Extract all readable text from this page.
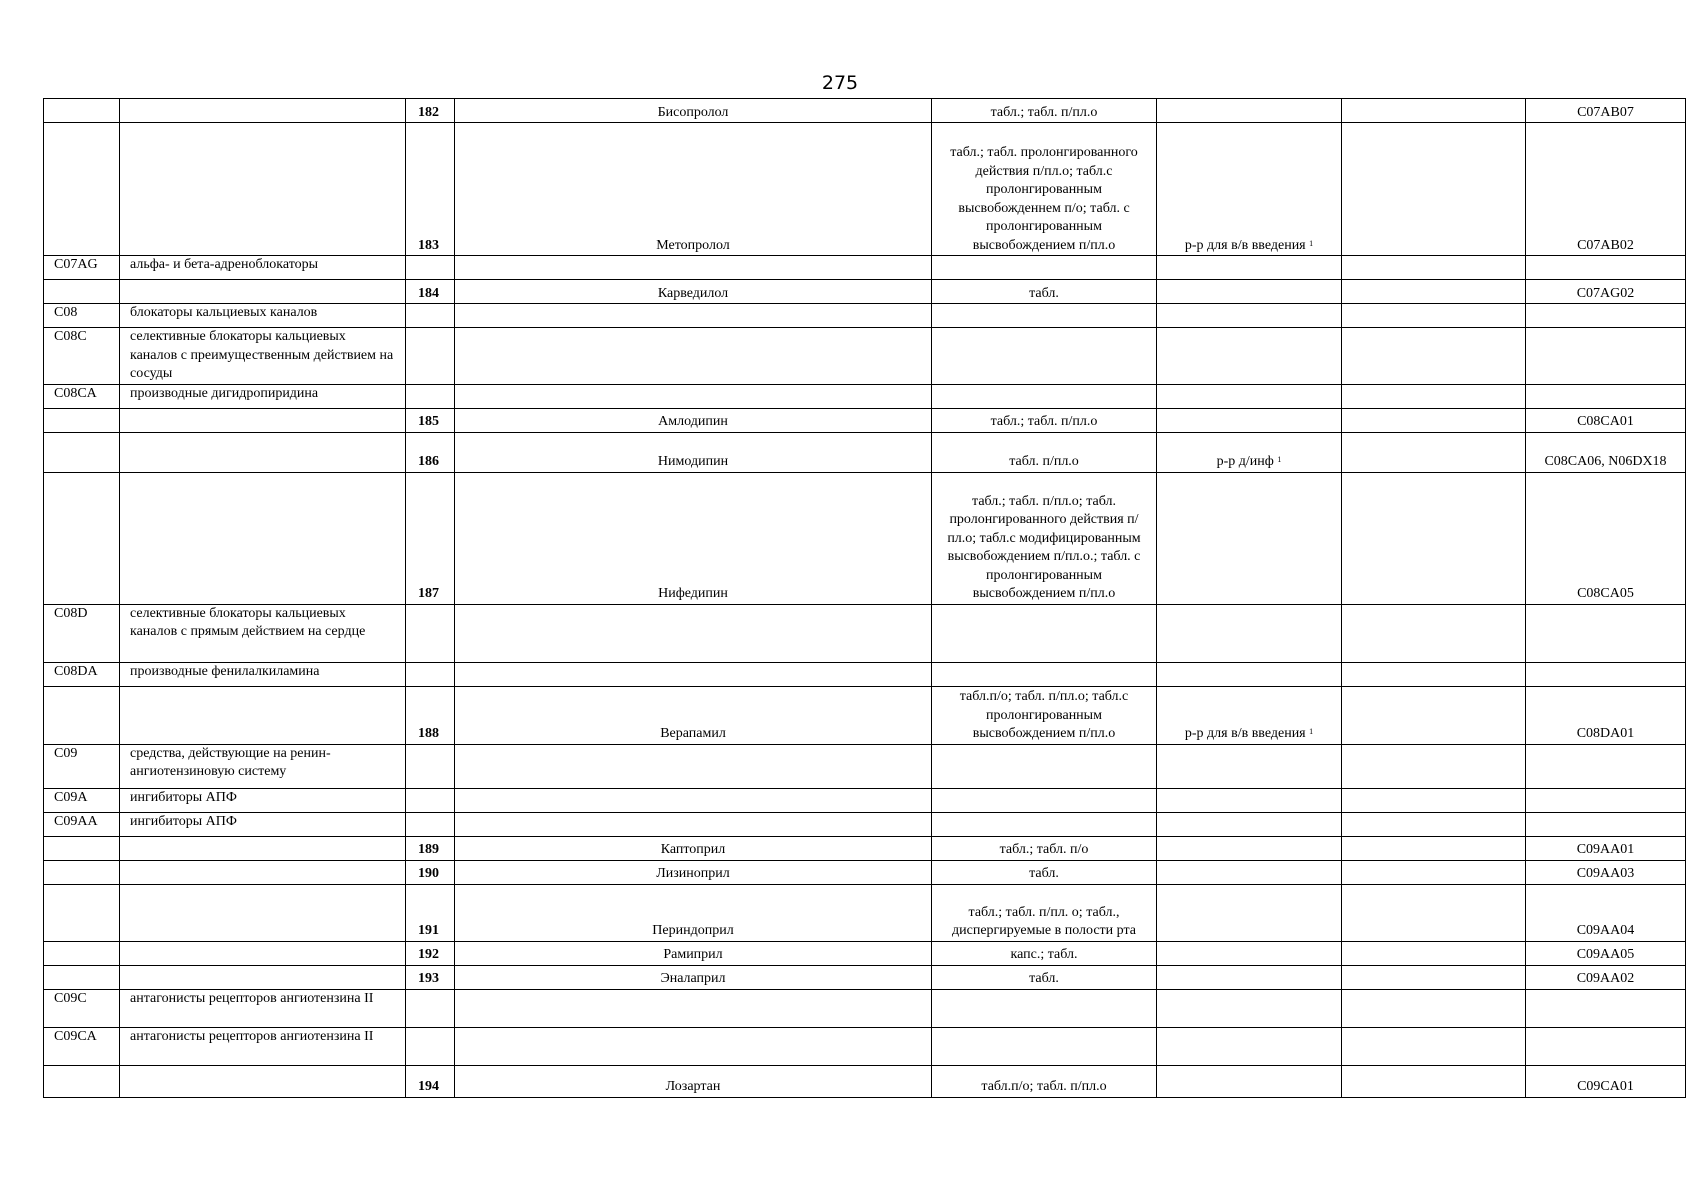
275
		182	Бисопролол	табл.; табл. п/пл.о			C07AB07
		183	Метопролол	табл.; табл. пролонгированного действия п/пл.о; табл.с пролонгированным высвобожденнем п/о; табл. с пролонгированным высвобождением п/пл.о	р-р для в/в введения $^1$		C07AB02
C07AG	альфа- и бета-адреноблокаторы						
		184	Карведилол	табл.			C07AG02
C08	блокаторы кальциевых каналов						
C08C	селективные блокаторы кальциевых каналов с преимущественным действием на сосуды						
C08CA	производные дигидропиридина						
		185	Амлодипин	табл.; табл. п/пл.о			C08CA01
		186	Нимодипин	табл. п/пл.о	р-р д/инф $^1$		C08CA06, N06DX18
		187	Нифедипин	табл.; табл. п/пл.о; табл. пролонгированного действия п/пл.о; табл.с модифицированным высвобождением п/пл.о.; табл. с пролонгированным высвобождением п/пл.о			C08CA05
C08D	селективные блокаторы кальциевых каналов с прямым действием на сердце						
C08DA	производные фенилалкиламина						
		188	Верапамил	табл.п/о; табл. п/пл.о; табл.с пролонгированным высвобождением п/пл.о	р-р для в/в введения $^1$		C08DA01
C09	средства, действующие на ренин-ангиотензиновую систему						
C09A	ингибиторы АПФ						
C09AA	ингибиторы АПФ						
		189	Каптоприл	табл.; табл. п/о			C09AA01
		190	Лизиноприл	табл.			C09AA03
		191	Периндоприл	табл.; табл. п/пл. о; табл., диспергируемые в полости рта			C09AA04
		192	Рамиприл	капс.; табл.			C09AA05
		193	Эналаприл	табл.			C09AA02
C09C	антагонисты рецепторов ангиотензина II						
C09CA	антагонисты рецепторов ангиотензина II						
		194	Лозартан	табл.п/о; табл. п/пл.о			C09CA01
